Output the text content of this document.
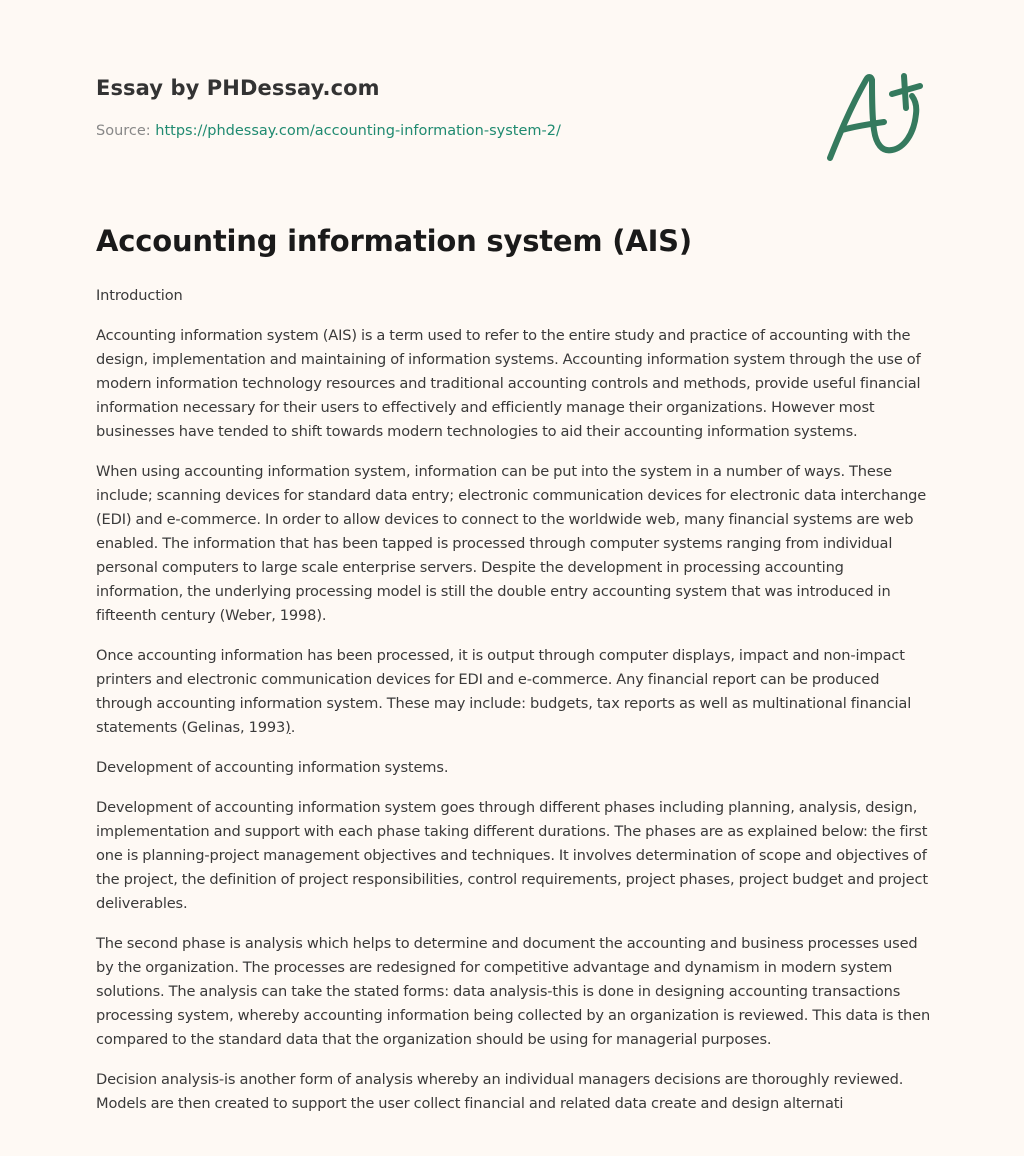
Essay by PHDessay.com
Source: https://phdessay.com/accounting-information-system-2/
Accounting information system (AIS)

Introduction

Accounting information system (AIS) is a term used to refer to the entire study and practice of accounting with the design, implementation and maintaining of information systems. Accounting information system through the use of modern information technology resources and traditional accounting controls and methods, provide useful financial information necessary for their users to effectively and efficiently manage their organizations. However most businesses have tended to shift towards modern technologies to aid their accounting information systems.

When using accounting information system, information can be put into the system in a number of ways. These include; scanning devices for standard data entry; electronic communication devices for electronic data interchange (EDI) and e-commerce. In order to allow devices to connect to the worldwide web, many financial systems are web enabled. The information that has been tapped is processed through computer systems ranging from individual personal computers to large scale enterprise servers. Despite the development in processing accounting information, the underlying processing model is still the double entry accounting system that was introduced in fifteenth century (Weber, 1998).

Once accounting information has been processed, it is output through computer displays, impact and non-impact printers and electronic communication devices for EDI and e-commerce. Any financial report can be produced through accounting information system. These may include: budgets, tax reports as well as multinational financial statements (Gelinas, 1993).

Development of accounting information systems.

Development of accounting information system goes through different phases including planning, analysis, design, implementation and support with each phase taking different durations. The phases are as explained below: the first one is planning-project management objectives and techniques. It involves determination of scope and objectives of the project, the definition of project responsibilities, control requirements, project phases, project budget and project deliverables.

The second phase is analysis which helps to determine and document the accounting and business processes used by the organization. The processes are redesigned for competitive advantage and dynamism in modern system solutions. The analysis can take the stated forms: data analysis-this is done in designing accounting transactions processing system, whereby accounting information being collected by an organization is reviewed. This data is then compared to the standard data that the organization should be using for managerial purposes.

Decision analysis-is another form of analysis whereby an individual managers decisions are thoroughly reviewed. Models are then created to support the user collect financial and related data create and design alternati
